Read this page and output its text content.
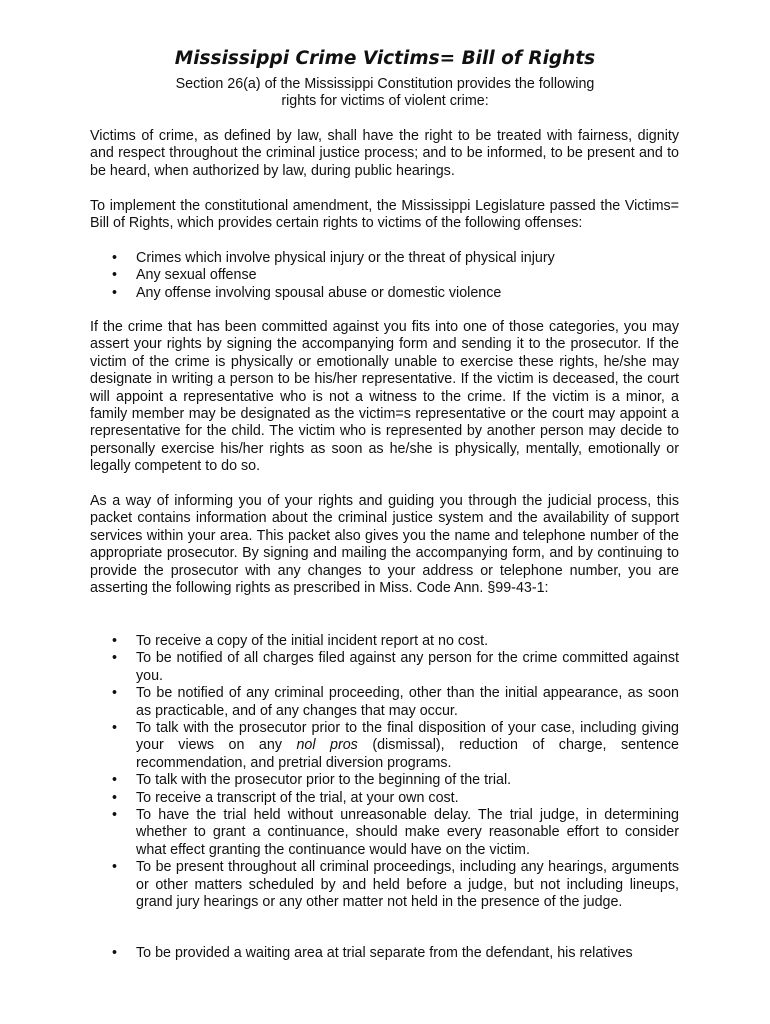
Mississippi Crime Victims= Bill of Rights
Section 26(a) of the Mississippi Constitution provides the following
rights for victims of violent crime:

Victims of crime, as defined by law, shall have the right to be treated with fairness, dignity and respect throughout the criminal justice process; and to be informed, to be present and to be heard, when authorized by law, during public hearings.

To implement the constitutional amendment, the Mississippi Legislature passed the Victims= Bill of Rights, which provides certain rights to victims of the following offenses:

• Crimes which involve physical injury or the threat of physical injury
• Any sexual offense
• Any offense involving spousal abuse or domestic violence

If the crime that has been committed against you fits into one of those categories, you may assert your rights by signing the accompanying form and sending it to the prosecutor. If the victim of the crime is physically or emotionally unable to exercise these rights, he/she may designate in writing a person to be his/her representative. If the victim is deceased, the court will appoint a representative who is not a witness to the crime. If the victim is a minor, a family member may be designated as the victim=s representative or the court may appoint a representative for the child. The victim who is represented by another person may decide to personally exercise his/her rights as soon as he/she is physically, mentally, emotionally or legally competent to do so.

As a way of informing you of your rights and guiding you through the judicial process, this packet contains information about the criminal justice system and the availability of support services within your area. This packet also gives you the name and telephone number of the appropriate prosecutor. By signing and mailing the accompanying form, and by continuing to provide the prosecutor with any changes to your address or telephone number, you are asserting the following rights as prescribed in Miss. Code Ann. §99-43-1:

• To receive a copy of the initial incident report at no cost.
• To be notified of all charges filed against any person for the crime committed against you.
• To be notified of any criminal proceeding, other than the initial appearance, as soon as practicable, and of any changes that may occur.
• To talk with the prosecutor prior to the final disposition of your case, including giving your views on any nol pros (dismissal), reduction of charge, sentence recommendation, and pretrial diversion programs.
• To talk with the prosecutor prior to the beginning of the trial.
• To receive a transcript of the trial, at your own cost.
• To have the trial held without unreasonable delay. The trial judge, in determining whether to grant a continuance, should make every reasonable effort to consider what effect granting the continuance would have on the victim.
• To be present throughout all criminal proceedings, including any hearings, arguments or other matters scheduled by and held before a judge, but not including lineups, grand jury hearings or any other matter not held in the presence of the judge.
• To be provided a waiting area at trial separate from the defendant, his relatives
